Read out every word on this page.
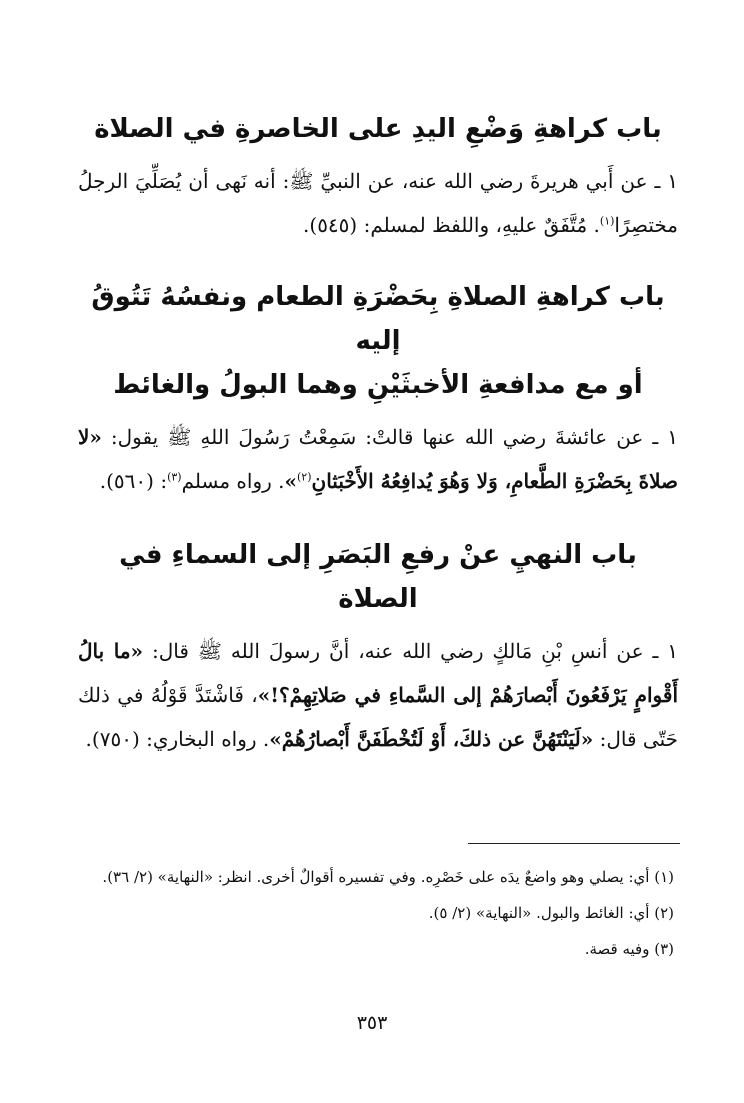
باب كراهةِ وَضْعِ اليدِ على الخاصرةِ في الصلاة

١ ـ عن أَبي هريرةَ رضي الله عنه، عن النبيِّ ﷺ: أنه نَهى أن يُصَلِّيَ الرجلُ مختصِرًا$^{(١)}$. مُتَّفَقٌ عليهِ، واللفظ لمسلم: (٥٤٥).

باب كراهةِ الصلاةِ بِحَضْرَةِ الطعام ونفسُهُ تَتُوقُ إليه
أو مع مدافعةِ الأخبثَيْنِ وهما البولُ والغائط

١ ـ عن عائشةَ رضي الله عنها قالتْ: سَمِعْتُ رَسُولَ اللهِ ﷺ يقول: «لا صلاةَ بِحَضْرَةِ الطَّعامِ، وَلا وَهُوَ يُدافِعُهُ الأَخْبَثانِ$^{(٢)}$». رواه مسلم$^{(٣)}$: (٥٦٠).

باب النهيِ عنْ رفعِ البَصَرِ إلى السماءِ في الصلاة

١ ـ عن أنسِ بْنِ مَالكٍ رضي الله عنه، أنَّ رسولَ الله ﷺ قال: «ما بالُ أَقْوامٍ يَرْفَعُونَ أَبْصارَهُمْ إلى السَّماءِ في صَلاتِهِمْ؟!»، فَاشْتَدَّ قَوْلُهُ في ذلك حَتّى قال: «لَيَنْتَهُنَّ عن ذلكَ، أَوْ لَتُخْطَفَنَّ أَبْصارُهُمْ». رواه البخاري: (٧٥٠).

(١) أي: يصلي وهو واضعٌ يدَه على خَصْرِه. وفي تفسيره أقوالٌ أخرى. انظر: «النهاية» (٢/ ٣٦).

(٢) أي: الغائط والبول. «النهاية» (٢/ ٥).

(٣) وفيه قصة.

٣٥٣
